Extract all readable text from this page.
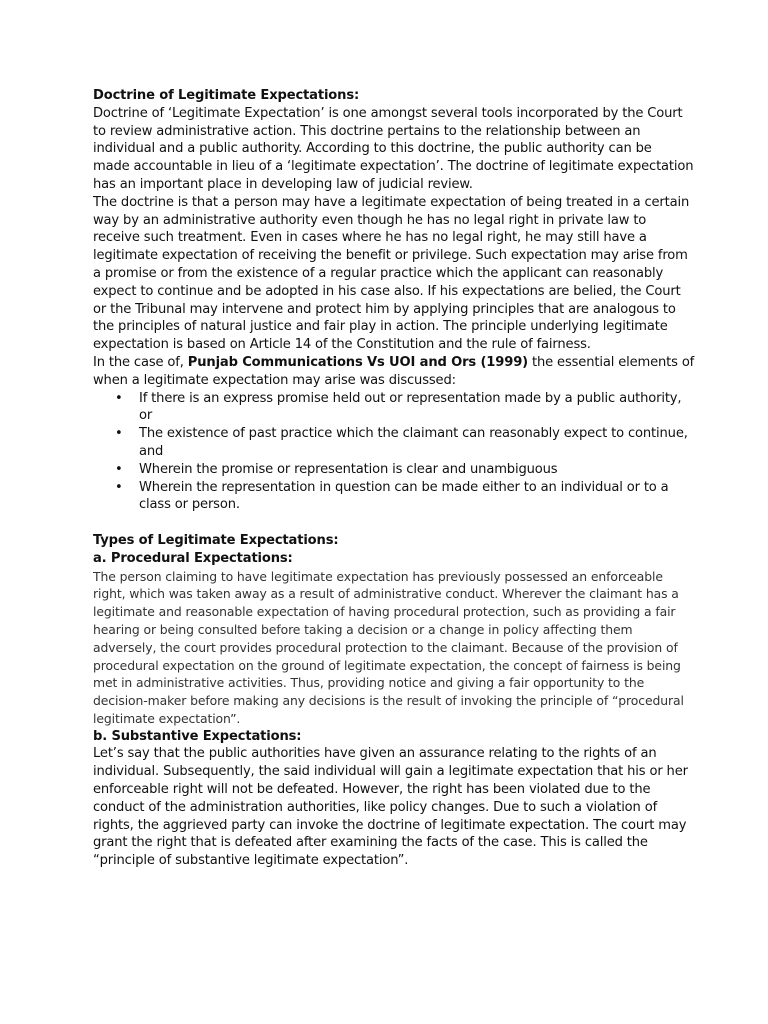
Doctrine of Legitimate Expectations:
Doctrine of ‘Legitimate Expectation’ is one amongst several tools incorporated by the Court
to review administrative action. This doctrine pertains to the relationship between an
individual and a public authority. According to this doctrine, the public authority can be
made accountable in lieu of a ‘legitimate expectation’. The doctrine of legitimate expectation
has an important place in developing law of judicial review.
The doctrine is that a person may have a legitimate expectation of being treated in a certain
way by an administrative authority even though he has no legal right in private law to
receive such treatment. Even in cases where he has no legal right, he may still have a
legitimate expectation of receiving the benefit or privilege. Such expectation may arise from
a promise or from the existence of a regular practice which the applicant can reasonably
expect to continue and be adopted in his case also. If his expectations are belied, the Court
or the Tribunal may intervene and protect him by applying principles that are analogous to
the principles of natural justice and fair play in action. The principle underlying legitimate
expectation is based on Article 14 of the Constitution and the rule of fairness.
In the case of, Punjab Communications Vs UOI and Ors (1999) the essential elements of
when a legitimate expectation may arise was discussed:
• If there is an express promise held out or representation made by a public authority,
or
• The existence of past practice which the claimant can reasonably expect to continue,
and
• Wherein the promise or representation is clear and unambiguous
• Wherein the representation in question can be made either to an individual or to a
class or person.
Types of Legitimate Expectations:
a. Procedural Expectations:
The person claiming to have legitimate expectation has previously possessed an enforceable
right, which was taken away as a result of administrative conduct. Wherever the claimant has a
legitimate and reasonable expectation of having procedural protection, such as providing a fair
hearing or being consulted before taking a decision or a change in policy affecting them
adversely, the court provides procedural protection to the claimant. Because of the provision of
procedural expectation on the ground of legitimate expectation, the concept of fairness is being
met in administrative activities. Thus, providing notice and giving a fair opportunity to the
decision-maker before making any decisions is the result of invoking the principle of “procedural
legitimate expectation”.
b. Substantive Expectations:
Let’s say that the public authorities have given an assurance relating to the rights of an
individual. Subsequently, the said individual will gain a legitimate expectation that his or her
enforceable right will not be defeated. However, the right has been violated due to the
conduct of the administration authorities, like policy changes. Due to such a violation of
rights, the aggrieved party can invoke the doctrine of legitimate expectation. The court may
grant the right that is defeated after examining the facts of the case. This is called the
“principle of substantive legitimate expectation”.
